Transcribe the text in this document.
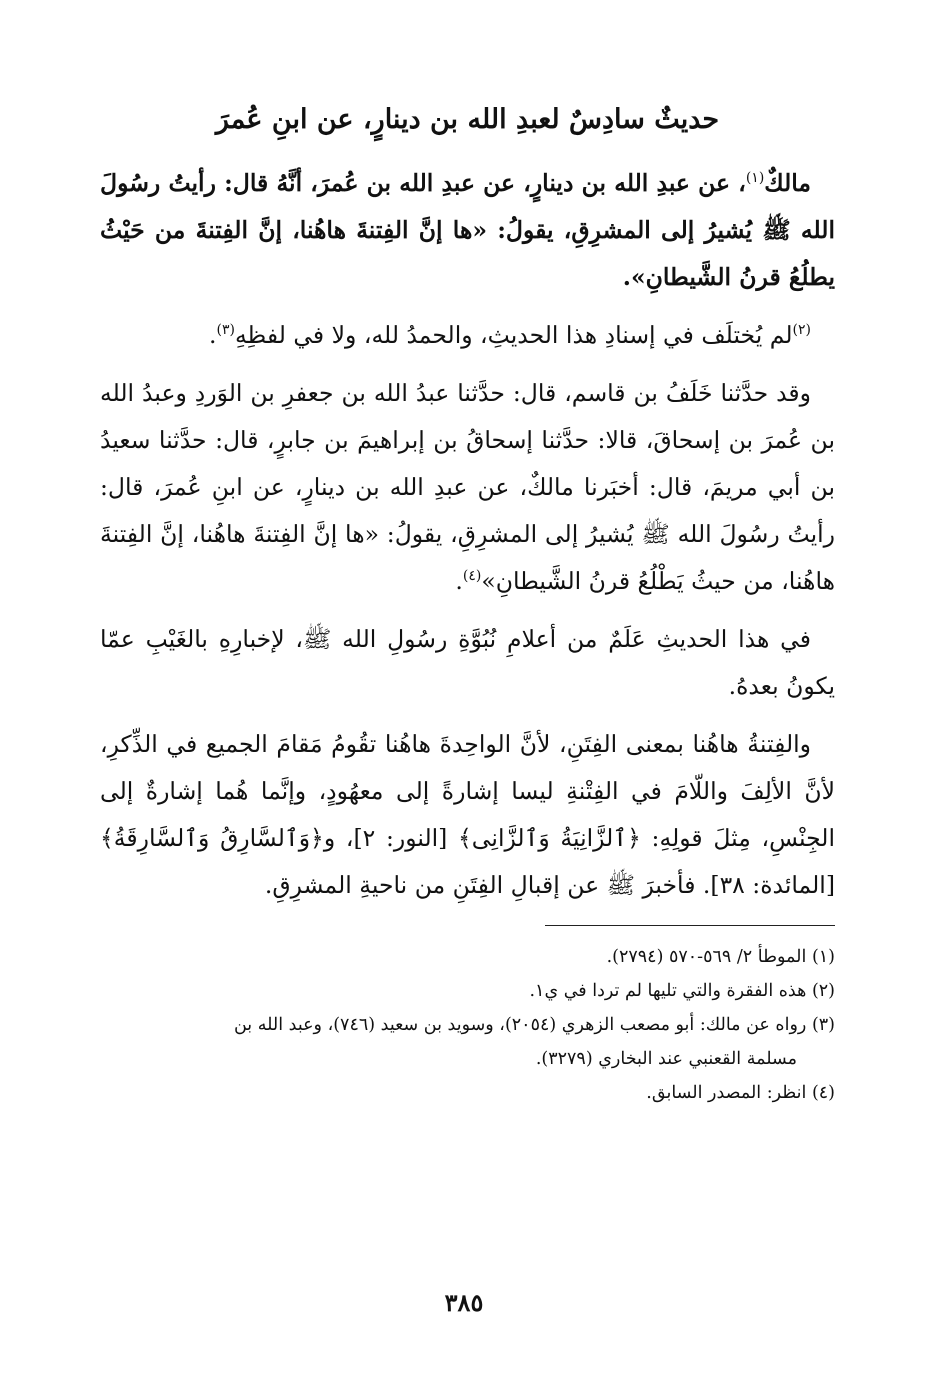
حديثٌ سادِسٌ لعبدِ الله بن دينارٍ، عن ابنِ عُمرَ

مالكٌ$^{(١)}$، عن عبدِ الله بن دينارٍ، عن عبدِ الله بن عُمرَ، أنَّهُ قال: رأيتُ رسُولَ الله ﷺ يُشيرُ إلى المشرِقِ، يقولُ: «ها إنَّ الفِتنةَ هاهُنا، إنَّ الفِتنةَ من حَيْثُ يطلُعُ قرنُ الشَّيطانِ».

$^{(٢)}$لم يُختلَف في إسنادِ هذا الحديثِ، والحمدُ لله، ولا في لفظِهِ$^{(٣)}$.

وقد حدَّثنا خَلَفُ بن قاسم، قال: حدَّثنا عبدُ الله بن جعفرِ بن الوَردِ وعبدُ الله بن عُمرَ بن إسحاقَ، قالا: حدَّثنا إسحاقُ بن إبراهيمَ بن جابرٍ، قال: حدَّثنا سعيدُ بن أبي مريمَ، قال: أخبَرنا مالكٌ، عن عبدِ الله بن دينارٍ، عن ابنِ عُمرَ، قال: رأيتُ رسُولَ الله ﷺ يُشيرُ إلى المشرِقِ، يقولُ: «ها إنَّ الفِتنةَ هاهُنا، إنَّ الفِتنةَ هاهُنا، من حيثُ يَطْلُعُ قرنُ الشَّيطانِ»$^{(٤)}$.

في هذا الحديثِ عَلَمٌ من أعلامِ نُبُوَّةِ رسُولِ الله ﷺ، لإخبارِهِ بالغَيْبِ عمّا يكونُ بعدهُ.

والفِتنةُ هاهُنا بمعنى الفِتَنِ، لأنَّ الواحِدةَ هاهُنا تقُومُ مَقامَ الجميع في الذِّكرِ، لأنَّ الألِفَ واللّامَ في الفِتْنةِ ليسا إشارةً إلى معهُودٍ، وإنَّما هُما إشارةٌ إلى الجِنْسِ، مِثلَ قولِهِ: ﴿ٱلزَّانِيَةُ وَٱلزَّانِى﴾ [النور: ٢]، و﴿وَٱلسَّارِقُ وَٱلسَّارِقَةُ﴾ [المائدة: ٣٨]. فأخبرَ ﷺ عن إقبالِ الفِتَنِ من ناحيةِ المشرِقِ.

(١) الموطأ ٢/ ٥٦٩-٥٧٠ (٢٧٩٤).
(٢) هذه الفقرة والتي تليها لم تردا في ي١.
(٣) رواه عن مالك: أبو مصعب الزهري (٢٠٥٤)، وسويد بن سعيد (٧٤٦)، وعبد الله بن
مسلمة القعنبي عند البخاري (٣٢٧٩).
(٤) انظر: المصدر السابق.
٣٨٥
